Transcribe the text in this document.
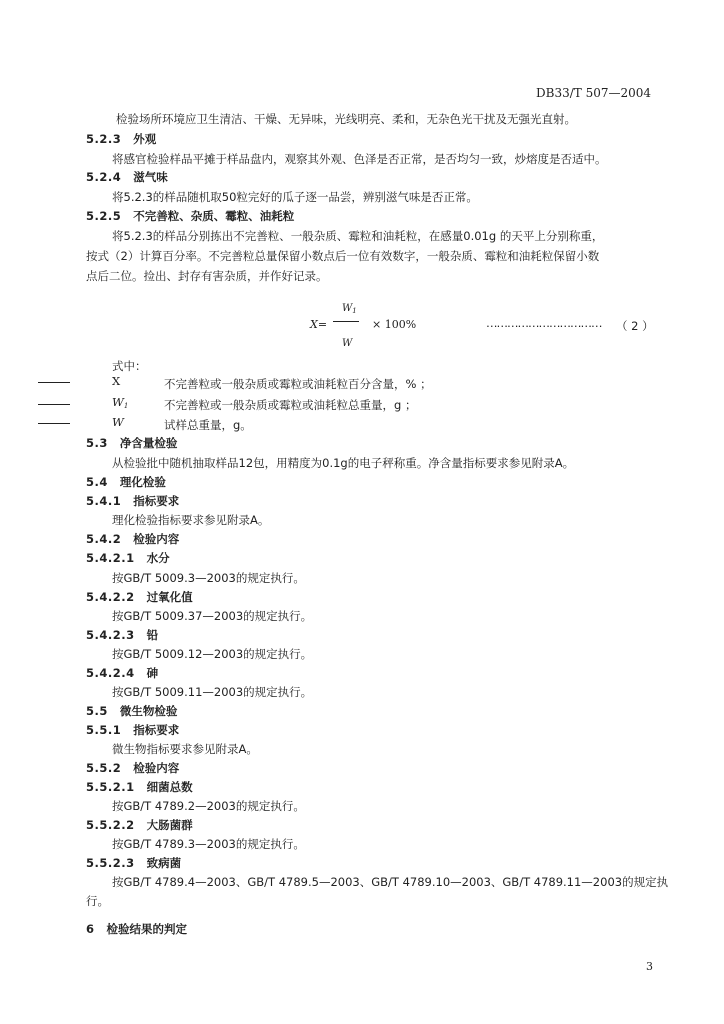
DB33/T 507—2004
检验场所环境应卫生清洁、干燥、无异味，光线明亮、柔和，无杂色光干扰及无强光直射。
5.2.3 外观
将感官检验样品平摊于样品盘内，观察其外观、色泽是否正常，是否均匀一致，炒熔度是否适中。
5.2.4 滋气味
将5.2.3的样品随机取50粒完好的瓜子逐一品尝，辨别滋气味是否正常。
5.2.5 不完善粒、杂质、霉粒、油耗粒
将5.2.3的样品分别拣出不完善粒、一般杂质、霉粒和油耗粒，在感量0.01g 的天平上分别称重，
按式（2）计算百分率。不完善粒总量保留小数点后一位有效数字，一般杂质、霉粒和油耗粒保留小数
点后二位。捡出、封存有害杂质，并作好记录。
X=
$W_1$
W
× 100%	…………………………… （ 2 ）
式中：
X	不完善粒或一般杂质或霉粒或油耗粒百分含量，% ；
$W_1$	不完善粒或一般杂质或霉粒或油耗粒总重量，g ；
W	试样总重量，g。
5.3 净含量检验
从检验批中随机抽取样品12包，用精度为0.1g的电子秤称重。净含量指标要求参见附录A。
5.4 理化检验
5.4.1 指标要求
理化检验指标要求参见附录A。
5.4.2 检验内容
5.4.2.1 水分
按GB/T 5009.3—2003的规定执行。
5.4.2.2 过氧化值
按GB/T 5009.37—2003的规定执行。
5.4.2.3 铅
按GB/T 5009.12—2003的规定执行。
5.4.2.4 砷
按GB/T 5009.11—2003的规定执行。
5.5 微生物检验
5.5.1 指标要求
微生物指标要求参见附录A。
5.5.2 检验内容
5.5.2.1 细菌总数
按GB/T 4789.2—2003的规定执行。
5.5.2.2 大肠菌群
按GB/T 4789.3—2003的规定执行。
5.5.2.3 致病菌
按GB/T 4789.4—2003、GB/T 4789.5—2003、GB/T 4789.10—2003、GB/T 4789.11—2003的规定执
行。
6 检验结果的判定
3
